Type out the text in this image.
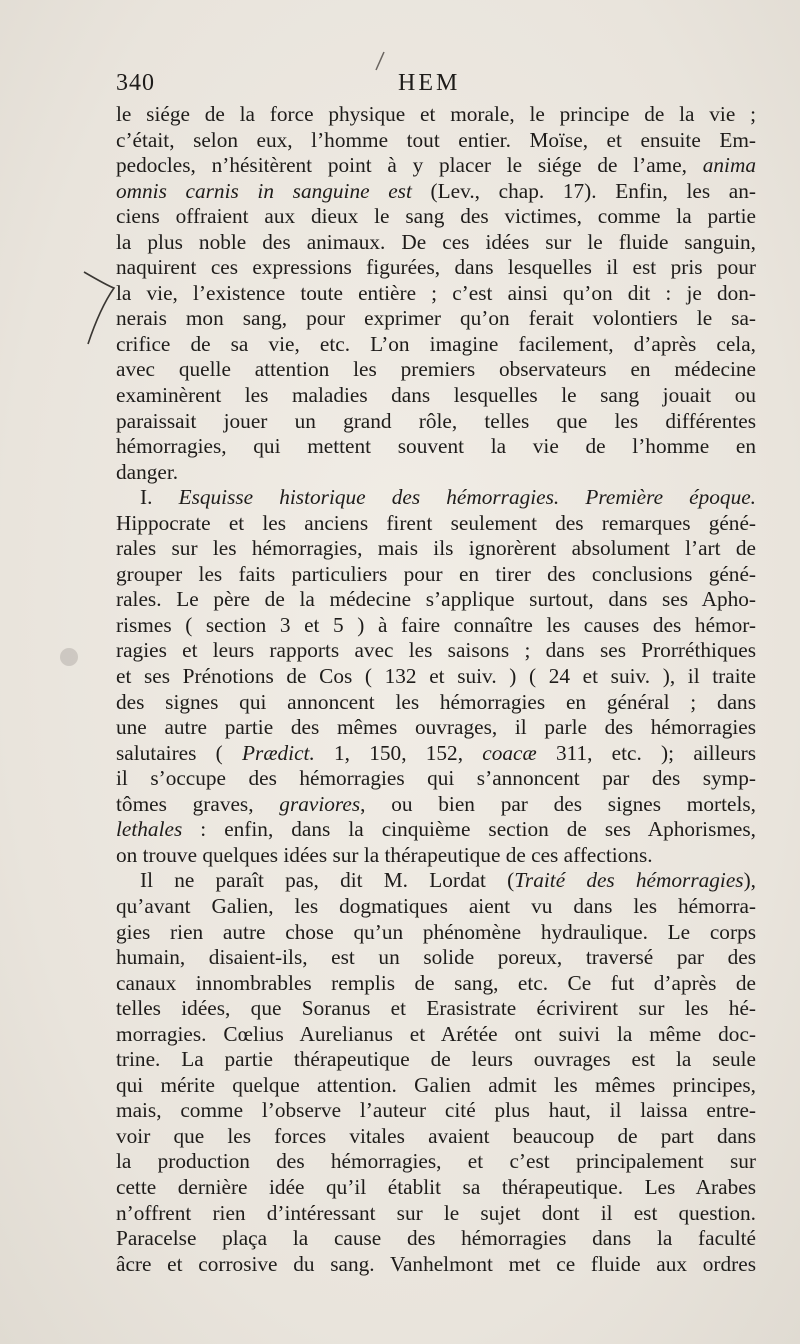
340	HEM
le siége de la force physique et morale, le principe de la vie ;
c’était, selon eux, l’homme tout entier. Moïse, et ensuite Em-
pedocles, n’hésitèrent point à y placer le siége de l’ame, anima
omnis carnis in sanguine est (Lev., chap. 17). Enfin, les an-
ciens offraient aux dieux le sang des victimes, comme la partie
la plus noble des animaux. De ces idées sur le fluide sanguin,
naquirent ces expressions figurées, dans lesquelles il est pris pour
la vie, l’existence toute entière ; c’est ainsi qu’on dit : je don-
nerais mon sang, pour exprimer qu’on ferait volontiers le sa-
crifice de sa vie, etc. L’on imagine facilement, d’après cela,
avec quelle attention les premiers observateurs en médecine
examinèrent les maladies dans lesquelles le sang jouait ou
paraissait jouer un grand rôle, telles que les différentes
hémorragies, qui mettent souvent la vie de l’homme en
danger.
I. Esquisse historique des hémorragies. Première époque.
Hippocrate et les anciens firent seulement des remarques géné-
rales sur les hémorragies, mais ils ignorèrent absolument l’art de
grouper les faits particuliers pour en tirer des conclusions géné-
rales. Le père de la médecine s’applique surtout, dans ses Apho-
rismes ( section 3 et 5 ) à faire connaître les causes des hémor-
ragies et leurs rapports avec les saisons ; dans ses Prorréthiques
et ses Prénotions de Cos ( 132 et suiv. ) ( 24 et suiv. ), il traite
des signes qui annoncent les hémorragies en général ; dans
une autre partie des mêmes ouvrages, il parle des hémorragies
salutaires ( Prædict. 1, 150, 152, coacæ 311, etc. ); ailleurs
il s’occupe des hémorragies qui s’annoncent par des symp-
tômes graves, graviores, ou bien par des signes mortels,
lethales : enfin, dans la cinquième section de ses Aphorismes,
on trouve quelques idées sur la thérapeutique de ces affections.
Il ne paraît pas, dit M. Lordat (Traité des hémorragies),
qu’avant Galien, les dogmatiques aient vu dans les hémorra-
gies rien autre chose qu’un phénomène hydraulique. Le corps
humain, disaient-ils, est un solide poreux, traversé par des
canaux innombrables remplis de sang, etc. Ce fut d’après de
telles idées, que Soranus et Erasistrate écrivirent sur les hé-
morragies. Cœlius Aurelianus et Arétée ont suivi la même doc-
trine. La partie thérapeutique de leurs ouvrages est la seule
qui mérite quelque attention. Galien admit les mêmes principes,
mais, comme l’observe l’auteur cité plus haut, il laissa entre-
voir que les forces vitales avaient beaucoup de part dans
la production des hémorragies, et c’est principalement sur
cette dernière idée qu’il établit sa thérapeutique. Les Arabes
n’offrent rien d’intéressant sur le sujet dont il est question.
Paracelse plaça la cause des hémorragies dans la faculté
âcre et corrosive du sang. Vanhelmont met ce fluide aux ordres
